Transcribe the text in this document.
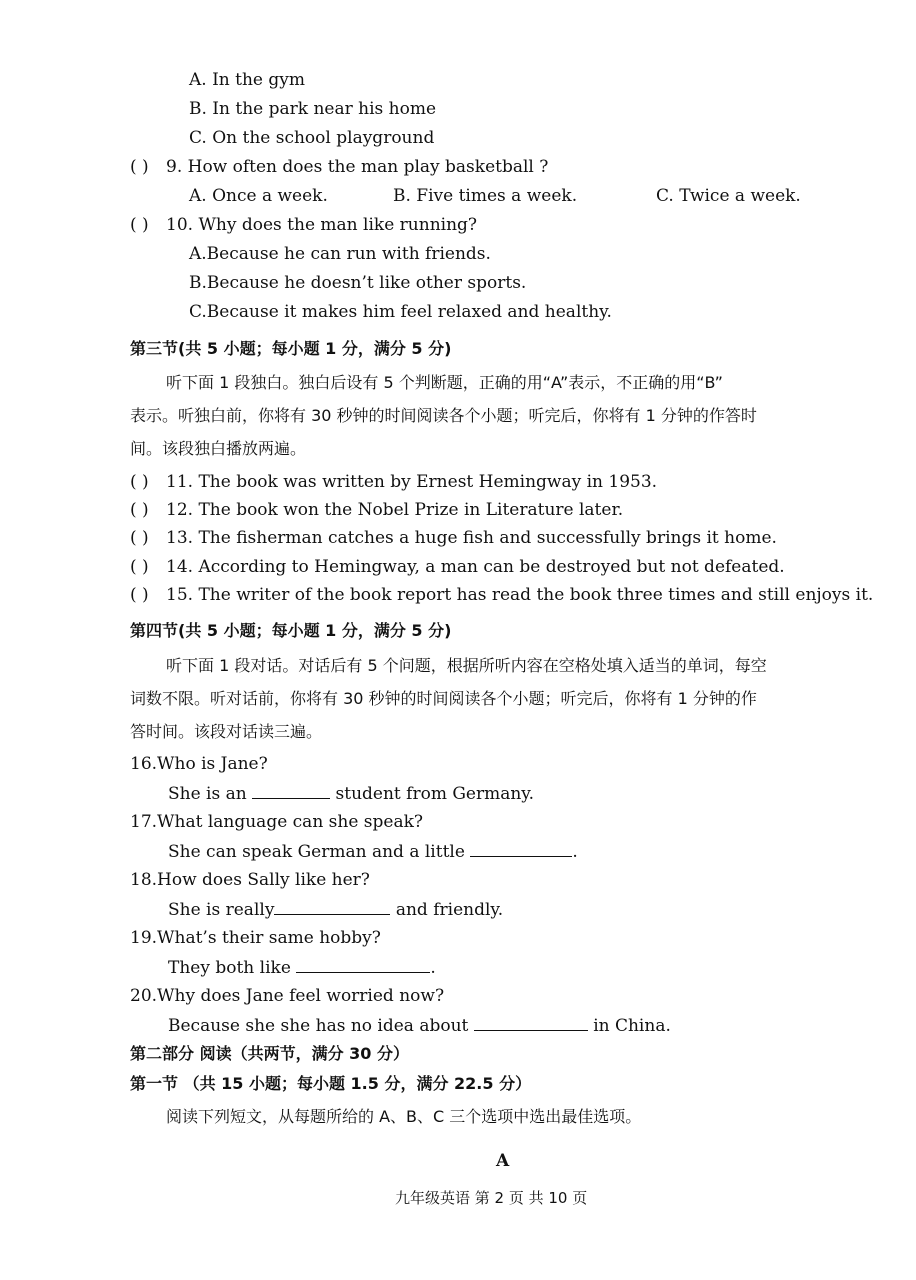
A. In the gym
B. In the park near his home
C. On the school playground
( ) 9. How often does the man play basketball ?
A. Once a week.	B. Five times a week.	C. Twice a week.
( ) 10. Why does the man like running?
A.Because he can run with friends.
B.Because he doesn’t like other sports.
C.Because it makes him feel relaxed and healthy.
第三节(共 5 小题；每小题 1 分，满分 5 分)
听下面 1 段独白。独白后设有 5 个判断题，正确的用“A”表示，不正确的用“B”
表示。听独白前，你将有 30 秒钟的时间阅读各个小题；听完后，你将有 1 分钟的作答时
间。该段独白播放两遍。
( ) 11. The book was written by Ernest Hemingway in 1953.
( ) 12. The book won the Nobel Prize in Literature later.
( ) 13. The fisherman catches a huge fish and successfully brings it home.
( ) 14. According to Hemingway, a man can be destroyed but not defeated.
( ) 15. The writer of the book report has read the book three times and still enjoys it.
第四节(共 5 小题；每小题 1 分，满分 5 分)
听下面 1 段对话。对话后有 5 个问题，根据所听内容在空格处填入适当的单词，每空
词数不限。听对话前，你将有 30 秒钟的时间阅读各个小题；听完后，你将有 1 分钟的作
答时间。该段对话读三遍。
16.Who is Jane?
She is an	student from Germany.
17.What language can she speak?
She can speak German and a little	.
18.How does Sally like her?
She is really	and friendly.
19.What’s their same hobby?
They both like	.
20.Why does Jane feel worried now?
Because she she has no idea about	in China.
第二部分 阅读（共两节，满分 30 分）
第一节 （共 15 小题；每小题 1.5 分，满分 22.5 分）
阅读下列短文，从每题所给的 A、B、C 三个选项中选出最佳选项。
A
九年级英语 第 2 页 共 10 页
